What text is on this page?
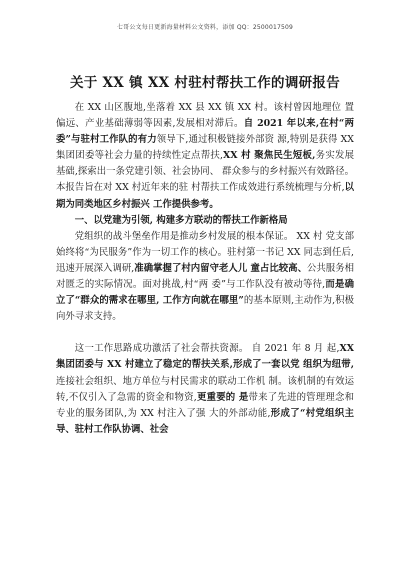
七哥公文每日更新海量材料公文资料，添加 QQ：2500017509
关于 XX 镇 XX 村驻村帮扶工作的调研报告

在 XX 山区腹地,坐落着 XX 县 XX 镇 XX 村。该村曾因地理位 置偏远、产业基础薄弱等因素,发展相对滞后。自 2021 年以来,在村“两委”与驻村工作队的有力领导下,通过积极链接外部资 源,特别是获得 XX 集团团委等社会力量的持续性定点帮扶,XX 村 聚焦民生短板,务实发展基础,探索出一条党建引领、社会协同、 群众参与的乡村振兴有效路径。本报告旨在对 XX 村近年来的驻 村帮扶工作成效进行系统梳理与分析,以期为同类地区乡村振兴 工作提供参考。

一、以党建为引领, 构建多方联动的帮扶工作新格局

党组织的战斗堡垒作用是推动乡村发展的根本保证。 XX 村 党支部始终将“为民服务”作为一切工作的核心。驻村第一书记 XX 同志到任后,迅速开展深入调研,准确掌握了村内留守老人儿 童占比较高、公共服务相对匮乏的实际情况。面对挑战,村“两 委”与工作队没有被动等待,而是确立了“群众的需求在哪里, 工作方向就在哪里”的基本原则,主动作为,积极向外寻求支持。

这一工作思路成功激活了社会帮扶资源。 自 2021 年 8 月 起,XX 集团团委与 XX 村建立了稳定的帮扶关系,形成了一套以党 组织为纽带,连接社会组织、地方单位与村民需求的联动工作机 制。该机制的有效运转,不仅引入了急需的资金和物资,更重要的 是带来了先进的管理理念和专业的服务团队,为 XX 村注入了强 大的外部动能,形成了“村党组织主导、驻村工作队协调、社会
